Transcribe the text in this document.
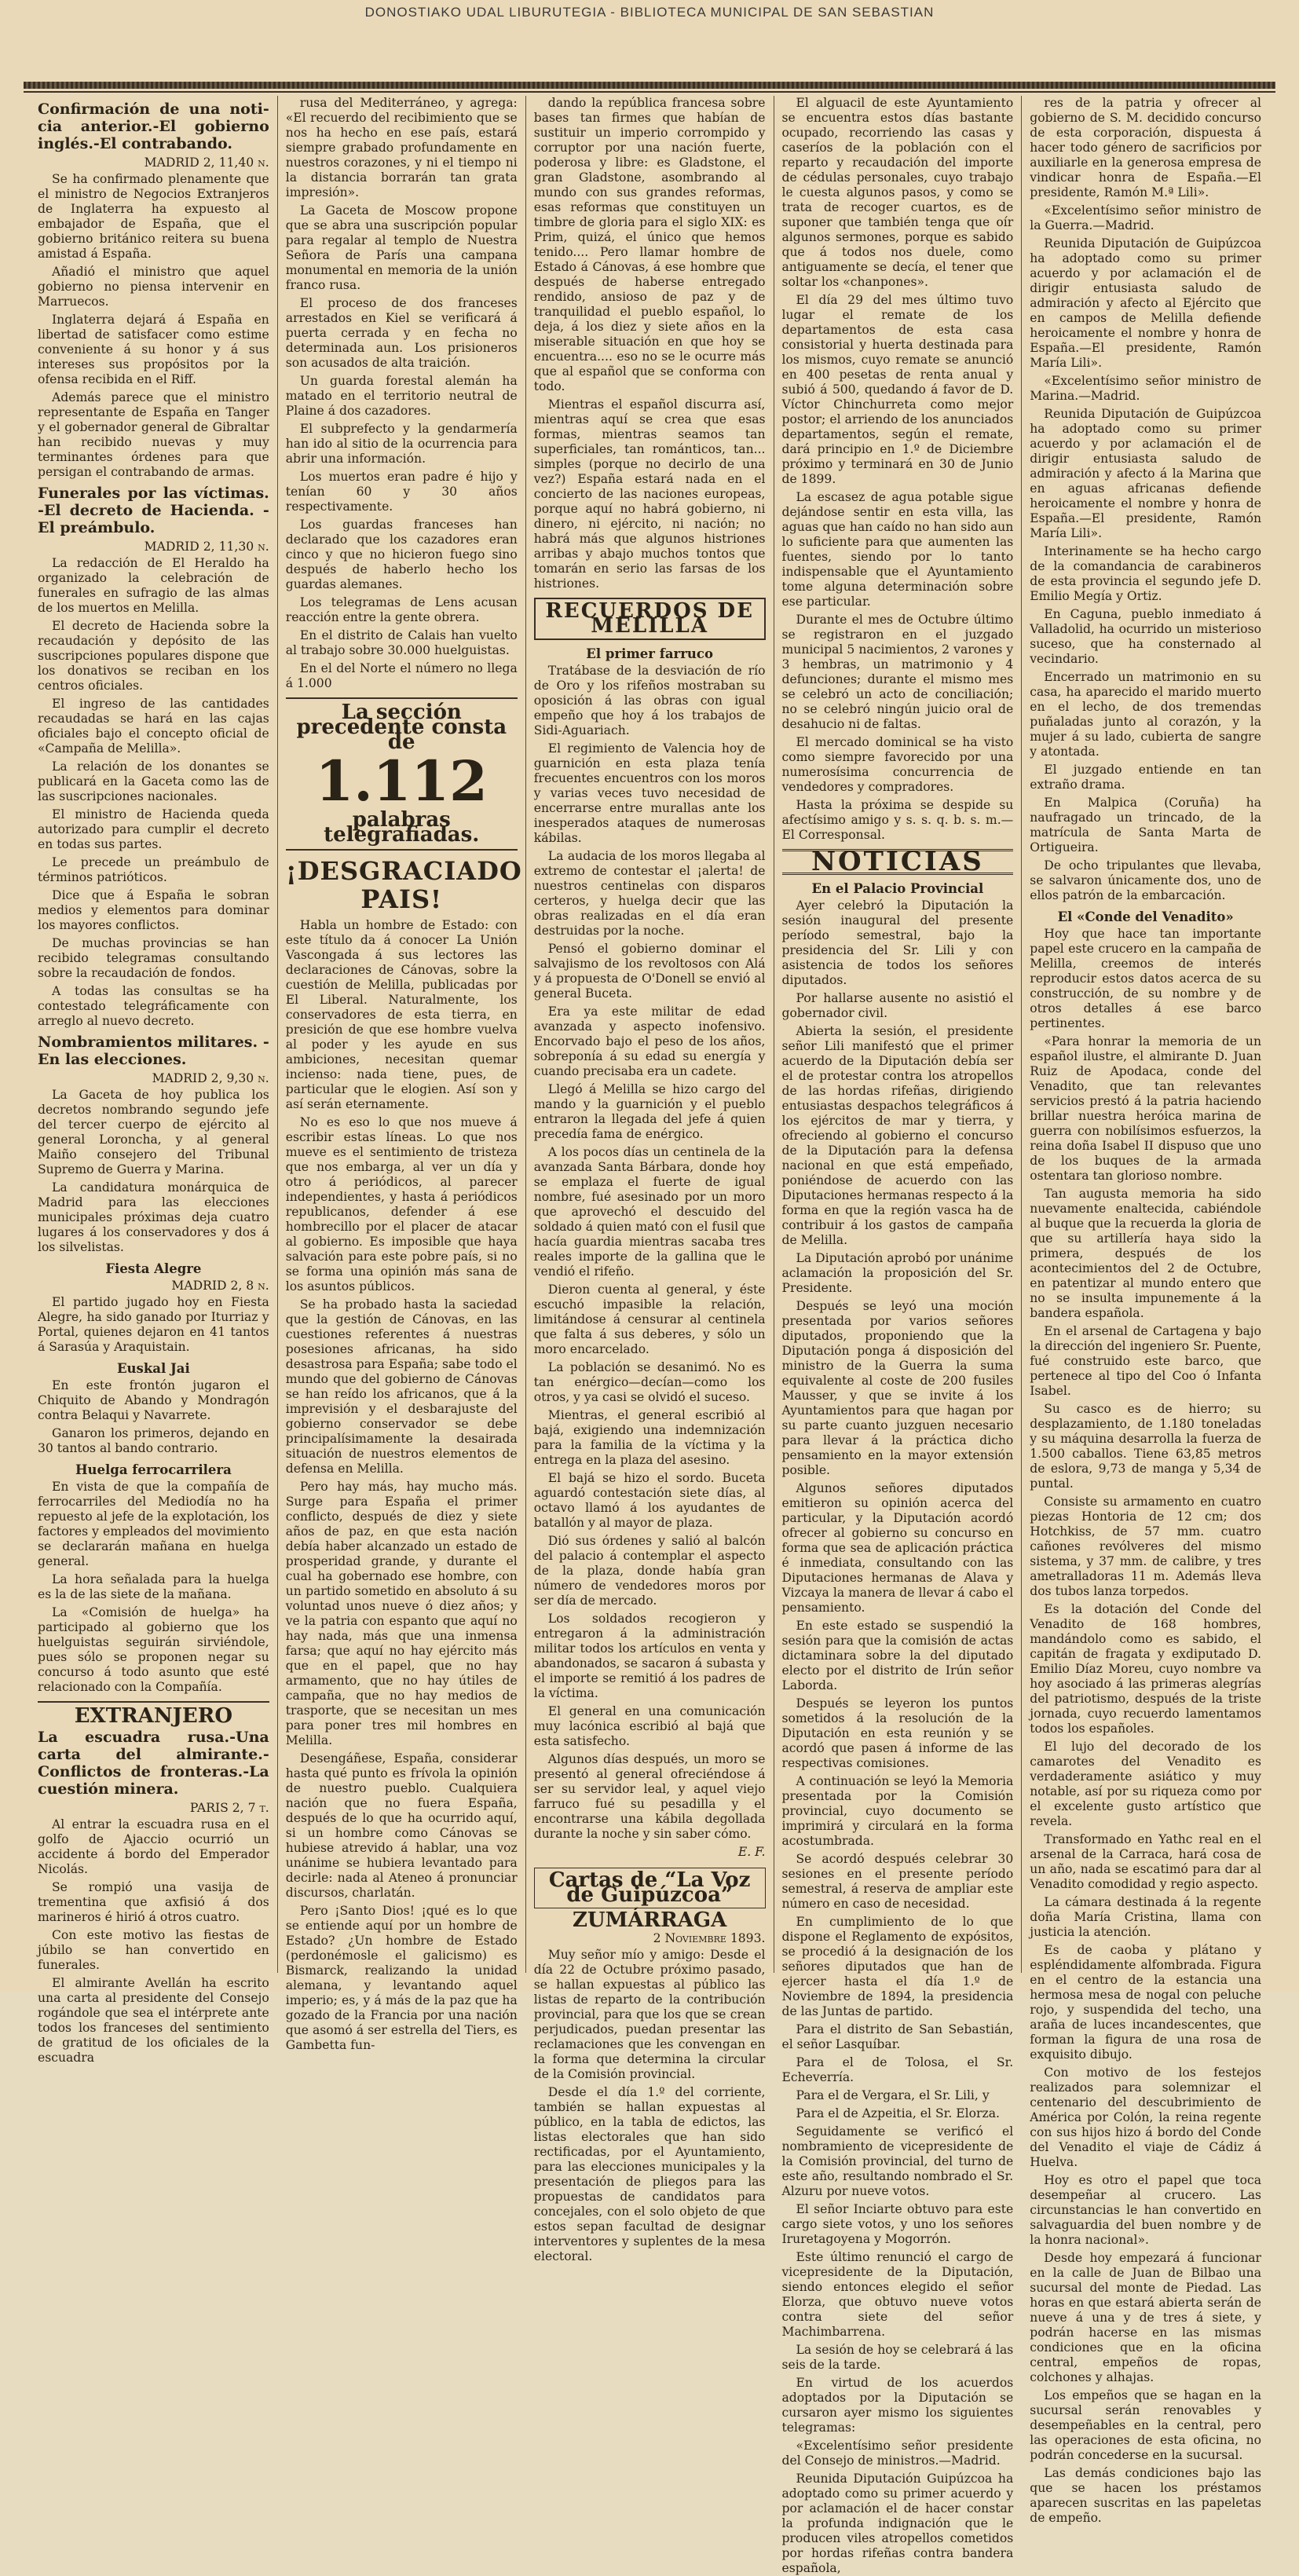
DONOSTIAKO UDAL LIBURUTEGIA - BIBLIOTECA MUNICIPAL DE SAN SEBASTIAN
Confirmación de una noti-cia anterior.-El gobierno inglés.-El contrabando.
MADRID 2, 11,40 n.

Se ha confirmado plenamente que el ministro de Negocios Extranjeros de Inglaterra ha expuesto al embajador de España, que el gobierno británico reitera su buena amistad á España.

Añadió el ministro que aquel gobierno no piensa intervenir en Marruecos.

Inglaterra dejará á España en libertad de satisfacer como estime conveniente á su honor y á sus intereses sus propósitos por la ofensa recibida en el Riff.

Además parece que el ministro representante de España en Tanger y el gobernador general de Gibraltar han recibido nuevas y muy terminantes órdenes para que persigan el contrabando de armas.

Funerales por las víctimas. -El decreto de Hacienda. -El preámbulo.
MADRID 2, 11,30 n.

La redacción de El Heraldo ha organizado la celebración de funerales en sufragio de las almas de los muertos en Melilla.

El decreto de Hacienda sobre la recaudación y depósito de las suscripciones populares dispone que los donativos se reciban en los centros oficiales.

El ingreso de las cantidades recaudadas se hará en las cajas oficiales bajo el concepto oficial de «Campaña de Melilla».

La relación de los donantes se publicará en la Gaceta como las de las suscripciones nacionales.

El ministro de Hacienda queda autorizado para cumplir el decreto en todas sus partes.

Le precede un preámbulo de términos patrióticos.

Dice que á España le sobran medios y elementos para dominar los mayores conflictos.

De muchas provincias se han recibido telegramas consultando sobre la recaudación de fondos.

A todas las consultas se ha contestado telegráficamente con arreglo al nuevo decreto.

Nombramientos militares. -En las elecciones.
MADRID 2, 9,30 n.

La Gaceta de hoy publica los decretos nombrando segundo jefe del tercer cuerpo de ejército al general Loroncha, y al general Maiño consejero del Tribunal Supremo de Guerra y Marina.

La candidatura monárquica de Madrid para las elecciones municipales próximas deja cuatro lugares á los conservadores y dos á los silvelistas.

Fiesta Alegre
MADRID 2, 8 n.

El partido jugado hoy en Fiesta Alegre, ha sido ganado por Iturriaz y Portal, quienes dejaron en 41 tantos á Sarasúa y Araquistain.

Euskal Jai

En este frontón jugaron el Chiquito de Abando y Mondragón contra Belaqui y Navarrete.

Ganaron los primeros, dejando en 30 tantos al bando contrario.

Huelga ferrocarrilera

En vista de que la compañía de ferrocarriles del Mediodía no ha repuesto al jefe de la explotación, los factores y empleados del movimiento se declararán mañana en huelga general.

La hora señalada para la huelga es la de las siete de la mañana.

La «Comisión de huelga» ha participado al gobierno que los huelguistas seguirán sirviéndole, pues sólo se proponen negar su concurso á todo asunto que esté relacionado con la Compañía.

EXTRANJERO
La escuadra rusa.-Una carta del almirante.-Conflictos de fronteras.-La cuestión minera.
PARIS 2, 7 t.

Al entrar la escuadra rusa en el golfo de Ajaccio ocurrió un accidente á bordo del Emperador Nicolás.

Se rompió una vasija de trementina que axfisió á dos marineros é hirió á otros cuatro.

Con este motivo las fiestas de júbilo se han convertido en funerales.

El almirante Avellán ha escrito una carta al presidente del Consejo rogándole que sea el intérprete ante todos los franceses del sentimiento de gratitud de los oficiales de la escuadra

rusa del Mediterráneo, y agrega: «El recuerdo del recibimiento que se nos ha hecho en ese país, estará siempre grabado profundamente en nuestros corazones, y ni el tiempo ni la distancia borrarán tan grata impresión».

La Gaceta de Moscow propone que se abra una suscripción popular para regalar al templo de Nuestra Señora de París una campana monumental en memoria de la unión franco rusa.

El proceso de dos franceses arrestados en Kiel se verificará á puerta cerrada y en fecha no determinada aun. Los prisioneros son acusados de alta traición.

Un guarda forestal alemán ha matado en el territorio neutral de Plaine á dos cazadores.

El subprefecto y la gendarmería han ido al sitio de la ocurrencia para abrir una información.

Los muertos eran padre é hijo y tenían 60 y 30 años respectivamente.

Los guardas franceses han declarado que los cazadores eran cinco y que no hicieron fuego sino después de haberlo hecho los guardas alemanes.

Los telegramas de Lens acusan reacción entre la gente obrera.

En el distrito de Calais han vuelto al trabajo sobre 30.000 huelguistas.

En el del Norte el número no llega á 1.000

La sección precedente consta de
1.112
palabras telegrafiadas.
¡DESGRACIADO PAIS!

Habla un hombre de Estado: con este título da á conocer La Unión Vascongada á sus lectores las declaraciones de Cánovas, sobre la cuestión de Melilla, publicadas por El Liberal. Naturalmente, los conservadores de esta tierra, en presición de que ese hombre vuelva al poder y les ayude en sus ambiciones, necesitan quemar incienso: nada tiene, pues, de particular que le elogien. Así son y así serán eternamente.

No es eso lo que nos mueve á escribir estas líneas. Lo que nos mueve es el sentimiento de tristeza que nos embarga, al ver un día y otro á periódicos, al parecer independientes, y hasta á periódicos republicanos, defender á ese hombrecillo por el placer de atacar al gobierno. Es imposible que haya salvación para este pobre país, si no se forma una opinión más sana de los asuntos públicos.

Se ha probado hasta la saciedad que la gestión de Cánovas, en las cuestiones referentes á nuestras posesiones africanas, ha sido desastrosa para España; sabe todo el mundo que del gobierno de Cánovas se han reído los africanos, que á la imprevisión y el desbarajuste del gobierno conservador se debe principalísimamente la desairada situación de nuestros elementos de defensa en Melilla.

Pero hay más, hay mucho más. Surge para España el primer conflicto, después de diez y siete años de paz, en que esta nación debía haber alcanzado un estado de prosperidad grande, y durante el cual ha gobernado ese hombre, con un partido sometido en absoluto á su voluntad unos nueve ó diez años; y ve la patria con espanto que aquí no hay nada, más que una inmensa farsa; que aquí no hay ejército más que en el papel, que no hay armamento, que no hay útiles de campaña, que no hay medios de trasporte, que se necesitan un mes para poner tres mil hombres en Melilla.

Desengáñese, España, considerar hasta qué punto es frívola la opinión de nuestro pueblo. Cualquiera nación que no fuera España, después de lo que ha ocurrido aquí, si un hombre como Cánovas se hubiese atrevido á hablar, una voz unánime se hubiera levantado para decirle: nada al Ateneo á pronunciar discursos, charlatán.

Pero ¡Santo Dios! ¡qué es lo que se entiende aquí por un hombre de Estado? ¿Un hombre de Estado (perdonémosle el galicismo) es Bismarck, realizando la unidad alemana, y levantando aquel imperio; es, y á más de la paz que ha gozado de la Francia por una nación que asomó á ser estrella del Tiers, es Gambetta fun-

dando la república francesa sobre bases tan firmes que habían de sustituir un imperio corrompido y corruptor por una nación fuerte, poderosa y libre: es Gladstone, el gran Gladstone, asombrando al mundo con sus grandes reformas, esas reformas que constituyen un timbre de gloria para el siglo XIX: es Prim, quizá, el único que hemos tenido.... Pero llamar hombre de Estado á Cánovas, á ese hombre que después de haberse entregado rendido, ansioso de paz y de tranquilidad el pueblo español, lo deja, á los diez y siete años en la miserable situación en que hoy se encuentra.... eso no se le ocurre más que al español que se conforma con todo.

Mientras el español discurra así, mientras aquí se crea que esas formas, mientras seamos tan superficiales, tan románticos, tan... simples (porque no decirlo de una vez?) España estará nada en el concierto de las naciones europeas, porque aquí no habrá gobierno, ni dinero, ni ejército, ni nación; no habrá más que algunos histriones arribas y abajo muchos tontos que tomarán en serio las farsas de los histriones.

RECUERDOS DE MELILLA
El primer farruco

Tratábase de la desviación de río de Oro y los rifeños mostraban su oposición á las obras con igual empeño que hoy á los trabajos de Sidi-Aguariach.

El regimiento de Valencia hoy de guarnición en esta plaza tenía frecuentes encuentros con los moros y varias veces tuvo necesidad de encerrarse entre murallas ante los inesperados ataques de numerosas kábilas.

La audacia de los moros llegaba al extremo de contestar el ¡alerta! de nuestros centinelas con disparos certeros, y huelga decir que las obras realizadas en el día eran destruidas por la noche.

Pensó el gobierno dominar el salvajismo de los revoltosos con Alá y á propuesta de O'Donell se envió al general Buceta.

Era ya este militar de edad avanzada y aspecto inofensivo. Encorvado bajo el peso de los años, sobreponía á su edad su energía y cuando precisaba era un cadete.

Llegó á Melilla se hizo cargo del mando y la guarnición y el pueblo entraron la llegada del jefe á quien precedía fama de enérgico.

A los pocos días un centinela de la avanzada Santa Bárbara, donde hoy se emplaza el fuerte de igual nombre, fué asesinado por un moro que aprovechó el descuido del soldado á quien mató con el fusil que hacía guardia mientras sacaba tres reales importe de la gallina que le vendió el rifeño.

Dieron cuenta al general, y éste escuchó impasible la relación, limitándose á censurar al centinela que falta á sus deberes, y sólo un moro encarcelado.

La población se desanimó. No es tan enérgico—decían—como los otros, y ya casi se olvidó el suceso.

Mientras, el general escribió al bajá, exigiendo una indemnización para la familia de la víctima y la entrega en la plaza del asesino.

El bajá se hizo el sordo. Buceta aguardó contestación siete días, al octavo llamó á los ayudantes de batallón y al mayor de plaza.

Dió sus órdenes y salió al balcón del palacio á contemplar el aspecto de la plaza, donde había gran número de vendedores moros por ser día de mercado.

Los soldados recogieron y entregaron á la administración militar todos los artículos en venta y abandonados, se sacaron á subasta y el importe se remitió á los padres de la víctima.

El general en una comunicación muy lacónica escribió al bajá que esta satisfecho.

Algunos días después, un moro se presentó al general ofreciéndose á ser su servidor leal, y aquel viejo farruco fué su pesadilla y el encontrarse una kábila degollada durante la noche y sin saber cómo.

E. F.
Cartas de “La Voz de Guipúzcoa”
ZUMÁRRAGA
2 Noviembre 1893.

Muy señor mío y amigo: Desde el día 22 de Octubre próximo pasado, se hallan expuestas al público las listas de reparto de la contribución provincial, para que los que se crean perjudicados, puedan presentar las reclamaciones que les convengan en la forma que determina la circular de la Comisión provincial.

Desde el día 1.º del corriente, también se hallan expuestas al público, en la tabla de edictos, las listas electorales que han sido rectificadas, por el Ayuntamiento, para las elecciones municipales y la presentación de pliegos para las propuestas de candidatos para concejales, con el solo objeto de que estos sepan facultad de designar interventores y suplentes de la mesa electoral.

El alguacil de este Ayuntamiento se encuentra estos días bastante ocupado, recorriendo las casas y caseríos de la población con el reparto y recaudación del importe de cédulas personales, cuyo trabajo le cuesta algunos pasos, y como se trata de recoger cuartos, es de suponer que también tenga que oír algunos sermones, porque es sabido que á todos nos duele, como antiguamente se decía, el tener que soltar los «chanpones».

El día 29 del mes último tuvo lugar el remate de los departamentos de esta casa consistorial y huerta destinada para los mismos, cuyo remate se anunció en 400 pesetas de renta anual y subió á 500, quedando á favor de D. Víctor Chinchurreta como mejor postor; el arriendo de los anunciados departamentos, según el remate, dará principio en 1.º de Diciembre próximo y terminará en 30 de Junio de 1899.

La escasez de agua potable sigue dejándose sentir en esta villa, las aguas que han caído no han sido aun lo suficiente para que aumenten las fuentes, siendo por lo tanto indispensable que el Ayuntamiento tome alguna determinación sobre ese particular.

Durante el mes de Octubre último se registraron en el juzgado municipal 5 nacimientos, 2 varones y 3 hembras, un matrimonio y 4 defunciones; durante el mismo mes se celebró un acto de conciliación; no se celebró ningún juicio oral de desahucio ni de faltas.

El mercado dominical se ha visto como siempre favorecido por una numerosísima concurrencia de vendedores y compradores.

Hasta la próxima se despide su afectísimo amigo y s. s. q. b. s. m.—El Corresponsal.

NOTICIAS
En el Palacio Provincial

Ayer celebró la Diputación la sesión inaugural del presente período semestral, bajo la presidencia del Sr. Lili y con asistencia de todos los señores diputados.

Por hallarse ausente no asistió el gobernador civil.

Abierta la sesión, el presidente señor Lili manifestó que el primer acuerdo de la Diputación debía ser el de protestar contra los atropellos de las hordas rifeñas, dirigiendo entusiastas despachos telegráficos á los ejércitos de mar y tierra, y ofreciendo al gobierno el concurso de la Diputación para la defensa nacional en que está empeñado, poniéndose de acuerdo con las Diputaciones hermanas respecto á la forma en que la región vasca ha de contribuir á los gastos de campaña de Melilla.

La Diputación aprobó por unánime aclamación la proposición del Sr. Presidente.

Después se leyó una moción presentada por varios señores diputados, proponiendo que la Diputación ponga á disposición del ministro de la Guerra la suma equivalente al coste de 200 fusiles Mausser, y que se invite á los Ayuntamientos para que hagan por su parte cuanto juzguen necesario para llevar á la práctica dicho pensamiento en la mayor extensión posible.

Algunos señores diputados emitieron su opinión acerca del particular, y la Diputación acordó ofrecer al gobierno su concurso en forma que sea de aplicación práctica é inmediata, consultando con las Diputaciones hermanas de Alava y Vizcaya la manera de llevar á cabo el pensamiento.

En este estado se suspendió la sesión para que la comisión de actas dictaminara sobre la del diputado electo por el distrito de Irún señor Laborda.

Después se leyeron los puntos sometidos á la resolución de la Diputación en esta reunión y se acordó que pasen á informe de las respectivas comisiones.

A continuación se leyó la Memoria presentada por la Comisión provincial, cuyo documento se imprimirá y circulará en la forma acostumbrada.

Se acordó después celebrar 30 sesiones en el presente período semestral, á reserva de ampliar este número en caso de necesidad.

En cumplimiento de lo que dispone el Reglamento de expósitos, se procedió á la designación de los señores diputados que han de ejercer hasta el día 1.º de Noviembre de 1894, la presidencia de las Juntas de partido.

Para el distrito de San Sebastián, el señor Lasquíbar.

Para el de Tolosa, el Sr. Echeverría.

Para el de Vergara, el Sr. Lili, y

Para el de Azpeitia, el Sr. Elorza.

Seguidamente se verificó el nombramiento de vicepresidente de la Comisión provincial, del turno de este año, resultando nombrado el Sr. Alzuru por nueve votos.

El señor Inciarte obtuvo para este cargo siete votos, y uno los señores Iruretagoyena y Mogorrón.

Este último renunció el cargo de vicepresidente de la Diputación, siendo entonces elegido el señor Elorza, que obtuvo nueve votos contra siete del señor Machimbarrena.

La sesión de hoy se celebrará á las seis de la tarde.

En virtud de los acuerdos adoptados por la Diputación se cursaron ayer mismo los siguientes telegramas:

«Excelentísimo señor presidente del Consejo de ministros.—Madrid.

Reunida Diputación Guipúzcoa ha adoptado como su primer acuerdo y por aclamación el de hacer constar la profunda indignación que le producen viles atropellos cometidos por hordas rifeñas contra bandera española,

res de la patria y ofrecer al gobierno de S. M. decidido concurso de esta corporación, dispuesta á hacer todo género de sacrificios por auxiliarle en la generosa empresa de vindicar honra de España.—El presidente, Ramón M.ª Lili».

«Excelentísimo señor ministro de la Guerra.—Madrid.

Reunida Diputación de Guipúzcoa ha adoptado como su primer acuerdo y por aclamación el de dirigir entusiasta saludo de admiración y afecto al Ejército que en campos de Melilla defiende heroicamente el nombre y honra de España.—El presidente, Ramón María Lili».

«Excelentísimo señor ministro de Marina.—Madrid.

Reunida Diputación de Guipúzcoa ha adoptado como su primer acuerdo y por aclamación el de dirigir entusiasta saludo de admiración y afecto á la Marina que en aguas africanas defiende heroicamente el nombre y honra de España.—El presidente, Ramón María Lili».

Interinamente se ha hecho cargo de la comandancia de carabineros de esta provincia el segundo jefe D. Emilio Megía y Ortiz.

En Caguna, pueblo inmediato á Valladolid, ha ocurrido un misterioso suceso, que ha consternado al vecindario.

Encerrado un matrimonio en su casa, ha aparecido el marido muerto en el lecho, de dos tremendas puñaladas junto al corazón, y la mujer á su lado, cubierta de sangre y atontada.

El juzgado entiende en tan extraño drama.

En Malpica (Coruña) ha naufragado un trincado, de la matrícula de Santa Marta de Ortigueira.

De ocho tripulantes que llevaba, se salvaron únicamente dos, uno de ellos patrón de la embarcación.

El «Conde del Venadito»

Hoy que hace tan importante papel este crucero en la campaña de Melilla, creemos de interés reproducir estos datos acerca de su construcción, de su nombre y de otros detalles á ese barco pertinentes.

«Para honrar la memoria de un español ilustre, el almirante D. Juan Ruiz de Apodaca, conde del Venadito, que tan relevantes servicios prestó á la patria haciendo brillar nuestra heróica marina de guerra con nobilísimos esfuerzos, la reina doña Isabel II dispuso que uno de los buques de la armada ostentara tan glorioso nombre.

Tan augusta memoria ha sido nuevamente enaltecida, cabiéndole al buque que la recuerda la gloria de que su artillería haya sido la primera, después de los acontecimientos del 2 de Octubre, en patentizar al mundo entero que no se insulta impunemente á la bandera española.

En el arsenal de Cartagena y bajo la dirección del ingeniero Sr. Puente, fué construido este barco, que pertenece al tipo del Coo ó Infanta Isabel.

Su casco es de hierro; su desplazamiento, de 1.180 toneladas y su máquina desarrolla la fuerza de 1.500 caballos. Tiene 63,85 metros de eslora, 9,73 de manga y 5,34 de puntal.

Consiste su armamento en cuatro piezas Hontoria de 12 cm; dos Hotchkiss, de 57 mm. cuatro cañones revólveres del mismo sistema, y 37 mm. de calibre, y tres ametralladoras 11 m. Además lleva dos tubos lanza torpedos.

Es la dotación del Conde del Venadito de 168 hombres, mandándolo como es sabido, el capitán de fragata y exdiputado D. Emilio Díaz Moreu, cuyo nombre va hoy asociado á las primeras alegrías del patriotismo, después de la triste jornada, cuyo recuerdo lamentamos todos los españoles.

El lujo del decorado de los camarotes del Venadito es verdaderamente asiático y muy notable, así por su riqueza como por el excelente gusto artístico que revela.

Transformado en Yathc real en el arsenal de la Carraca, hará cosa de un año, nada se escatimó para dar al Venadito comodidad y regio aspecto.

La cámara destinada á la regente doña María Cristina, llama con justicia la atención.

Es de caoba y plátano y espléndidamente alfombrada. Figura en el centro de la estancia una hermosa mesa de nogal con peluche rojo, y suspendida del techo, una araña de luces incandescentes, que forman la figura de una rosa de exquisito dibujo.

Con motivo de los festejos realizados para solemnizar el centenario del descubrimiento de América por Colón, la reina regente con sus hijos hizo á bordo del Conde del Venadito el viaje de Cádiz á Huelva.

Hoy es otro el papel que toca desempeñar al crucero. Las circunstancias le han convertido en salvaguardia del buen nombre y de la honra nacional».

Desde hoy empezará á funcionar en la calle de Juan de Bilbao una sucursal del monte de Piedad. Las horas en que estará abierta serán de nueve á una y de tres á siete, y podrán hacerse en las mismas condiciones que en la oficina central, empeños de ropas, colchones y alhajas.

Los empeños que se hagan en la sucursal serán renovables y desempeñables en la central, pero las operaciones de esta oficina, no podrán concederse en la sucursal.

Las demás condiciones bajo las que se hacen los préstamos aparecen suscritas en las papeletas de empeño.
